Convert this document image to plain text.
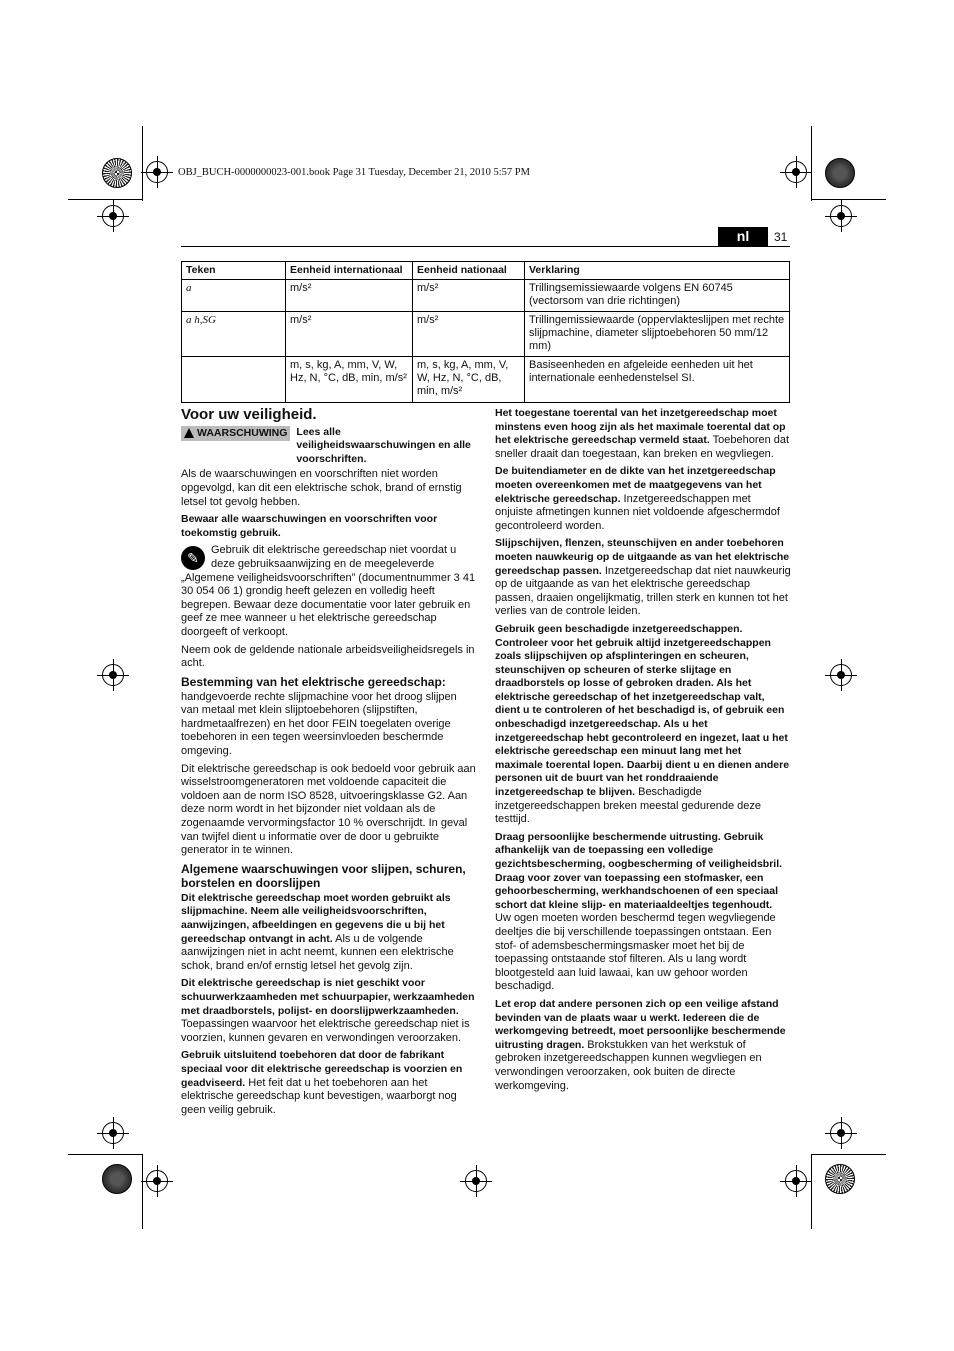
OBJ_BUCH-0000000023-001.book Page 31 Tuesday, December 21, 2010 5:57 PM
nl	31
Teken	Eenheid internationaal	Eenheid nationaal	Verklaring
a	m/s²	m/s²	Trillingsemissiewaarde volgens EN 60745 (vectorsom van drie richtingen)
a h,SG	m/s²	m/s²	Trillingemissiewaarde (oppervlakteslijpen met rechte slijpmachine, diameter slijptoebehoren 50 mm/12 mm)
	m, s, kg, A, mm, V, W, Hz, N, °C, dB, min, m/s²	m, s, kg, A, mm, V, W, Hz, N, °C, dB, min, m/s²	Basiseenheden en afgeleide eenheden uit het internationale eenhedenstelsel SI.
Voor uw veiligheid.
WAARSCHUWING Lees alle veiligheidswaarschuwingen en alle voorschriften.

Als de waarschuwingen en voorschriften niet worden opgevolgd, kan dit een elektrische schok, brand of ernstig letsel tot gevolg hebben.

Bewaar alle waarschuwingen en voorschriften voor toekomstig gebruik.

✎	Gebruik dit elektrische gereedschap niet voordat u deze gebruiksaanwijzing en de meegeleverde „Algemene veiligheidsvoorschriften” (documentnummer 3 41 30 054 06 1) grondig heeft gelezen en volledig heeft begrepen. Bewaar deze documentatie voor later gebruik en geef ze mee wanneer u het elektrische gereedschap doorgeeft of verkoopt.

Neem ook de geldende nationale arbeidsveiligheidsregels in acht.

Bestemming van het elektrische gereedschap:

handgevoerde rechte slijpmachine voor het droog slijpen van metaal met klein slijptoebehoren (slijpstiften, hardmetaalfrezen) en het door FEIN toegelaten overige toebehoren in een tegen weersinvloeden beschermde omgeving.

Dit elektrische gereedschap is ook bedoeld voor gebruik aan wisselstroomgeneratoren met voldoende capaciteit die voldoen aan de norm ISO 8528, uitvoeringsklasse G2. Aan deze norm wordt in het bijzonder niet voldaan als de zogenaamde vervormingsfactor 10 % overschrijdt. In geval van twijfel dient u informatie over de door u gebruikte generator in te winnen.

Algemene waarschuwingen voor slijpen, schuren, borstelen en doorslijpen

Dit elektrische gereedschap moet worden gebruikt als slijpmachine. Neem alle veiligheidsvoorschriften, aanwijzingen, afbeeldingen en gegevens die u bij het gereedschap ontvangt in acht. Als u de volgende aanwijzingen niet in acht neemt, kunnen een elektrische schok, brand en/of ernstig letsel het gevolg zijn.

Dit elektrische gereedschap is niet geschikt voor schuurwerkzaamheden met schuurpapier, werkzaamheden met draadborstels, polijst- en doorslijpwerkzaamheden. Toepassingen waarvoor het elektrische gereedschap niet is voorzien, kunnen gevaren en verwondingen veroorzaken.

Gebruik uitsluitend toebehoren dat door de fabrikant speciaal voor dit elektrische gereedschap is voorzien en geadviseerd. Het feit dat u het toebehoren aan het elektrische gereedschap kunt bevestigen, waarborgt nog geen veilig gebruik.

Het toegestane toerental van het inzetgereedschap moet minstens even hoog zijn als het maximale toerental dat op het elektrische gereedschap vermeld staat. Toebehoren dat sneller draait dan toegestaan, kan breken en wegvliegen.

De buitendiameter en de dikte van het inzetgereedschap moeten overeenkomen met de maatgegevens van het elektrische gereedschap. Inzetgereedschappen met onjuiste afmetingen kunnen niet voldoende afgeschermdof gecontroleerd worden.

Slijpschijven, flenzen, steunschijven en ander toebehoren moeten nauwkeurig op de uitgaande as van het elektrische gereedschap passen. Inzetgereedschap dat niet nauwkeurig op de uitgaande as van het elektrische gereedschap passen, draaien ongelijkmatig, trillen sterk en kunnen tot het verlies van de controle leiden.

Gebruik geen beschadigde inzetgereedschappen. Controleer voor het gebruik altijd inzetgereedschappen zoals slijpschijven op afsplinteringen en scheuren, steunschijven op scheuren of sterke slijtage en draadborstels op losse of gebroken draden. Als het elektrische gereedschap of het inzetgereedschap valt, dient u te controleren of het beschadigd is, of gebruik een onbeschadigd inzetgereedschap. Als u het inzetgereedschap hebt gecontroleerd en ingezet, laat u het elektrische gereedschap een minuut lang met het maximale toerental lopen. Daarbij dient u en dienen andere personen uit de buurt van het ronddraaiende inzetgereedschap te blijven. Beschadigde inzetgereedschappen breken meestal gedurende deze testtijd.

Draag persoonlijke beschermende uitrusting. Gebruik afhankelijk van de toepassing een volledige gezichtsbescherming, oogbescherming of veiligheidsbril. Draag voor zover van toepassing een stofmasker, een gehoorbescherming, werkhandschoenen of een speciaal schort dat kleine slijp- en materiaaldeeltjes tegenhoudt. Uw ogen moeten worden beschermd tegen wegvliegende deeltjes die bij verschillende toepassingen ontstaan. Een stof- of ademsbeschermingsmasker moet het bij de toepassing ontstaande stof filteren. Als u lang wordt blootgesteld aan luid lawaai, kan uw gehoor worden beschadigd.

Let erop dat andere personen zich op een veilige afstand bevinden van de plaats waar u werkt. Iedereen die de werkomgeving betreedt, moet persoonlijke beschermende uitrusting dragen. Brokstukken van het werkstuk of gebroken inzetgereedschappen kunnen wegvliegen en verwondingen veroorzaken, ook buiten de directe werkomgeving.
